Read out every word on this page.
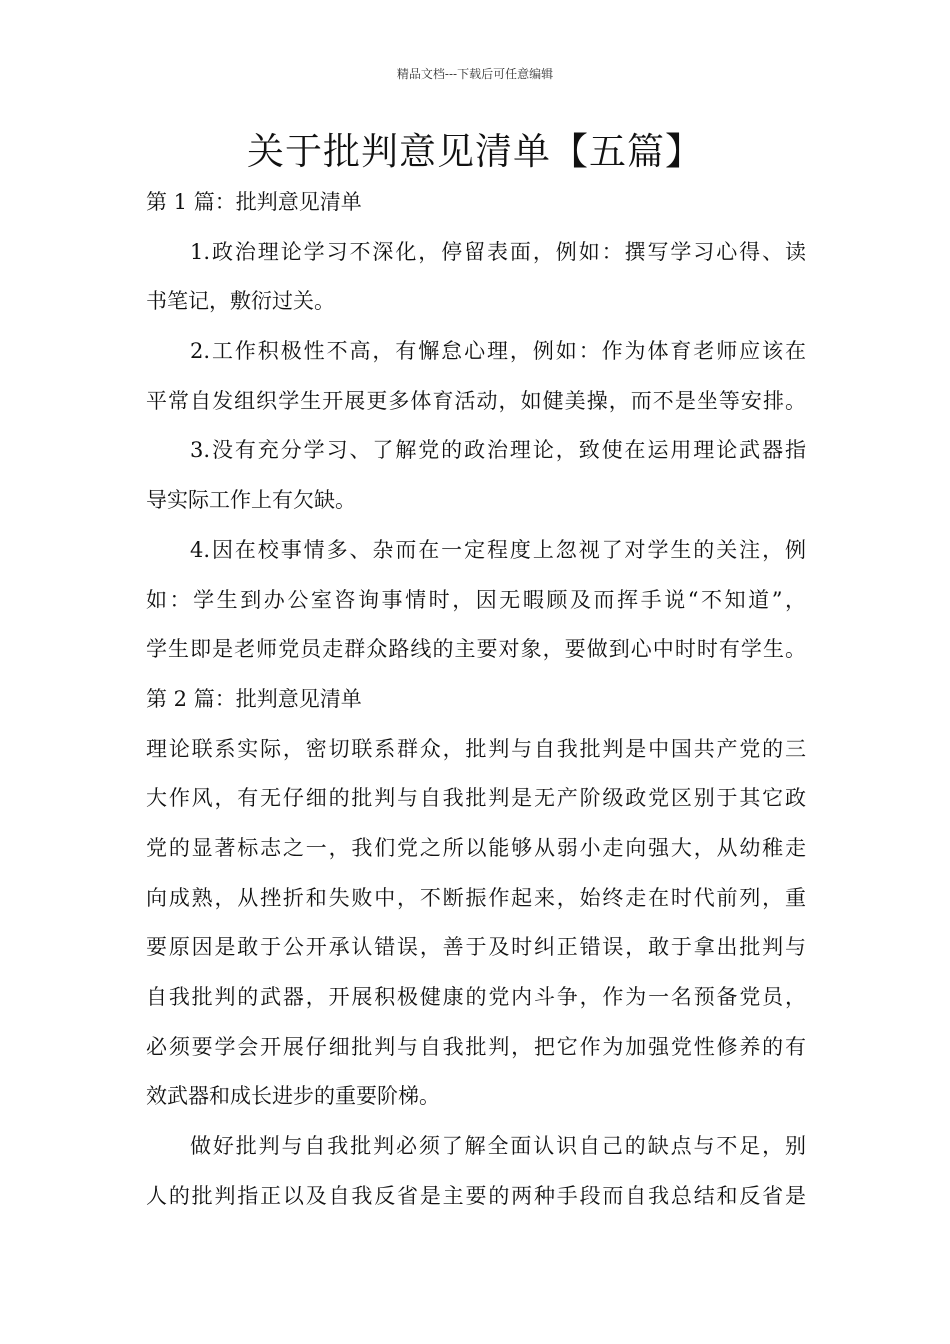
精品文档---下载后可任意编辑
关于批判意见清单【五篇】
第 1 篇：批判意见清单
1.政治理论学习不深化，停留表面，例如：撰写学习心得、读
书笔记，敷衍过关。
2.工作积极性不高，有懈怠心理，例如：作为体育老师应该在
平常自发组织学生开展更多体育活动，如健美操，而不是坐等安排。
3.没有充分学习、了解党的政治理论，致使在运用理论武器指
导实际工作上有欠缺。
4.因在校事情多、杂而在一定程度上忽视了对学生的关注，例
如：学生到办公室咨询事情时，因无暇顾及而挥手说“不知道”，
学生即是老师党员走群众路线的主要对象，要做到心中时时有学生。
第 2 篇：批判意见清单
理论联系实际，密切联系群众，批判与自我批判是中国共产党的三
大作风，有无仔细的批判与自我批判是无产阶级政党区别于其它政
党的显著标志之一，我们党之所以能够从弱小走向强大，从幼稚走
向成熟，从挫折和失败中，不断振作起来，始终走在时代前列，重
要原因是敢于公开承认错误，善于及时纠正错误，敢于拿出批判与
自我批判的武器，开展积极健康的党内斗争，作为一名预备党员，
必须要学会开展仔细批判与自我批判，把它作为加强党性修养的有
效武器和成长进步的重要阶梯。
做好批判与自我批判必须了解全面认识自己的缺点与不足，别
人的批判指正以及自我反省是主要的两种手段而自我总结和反省是
